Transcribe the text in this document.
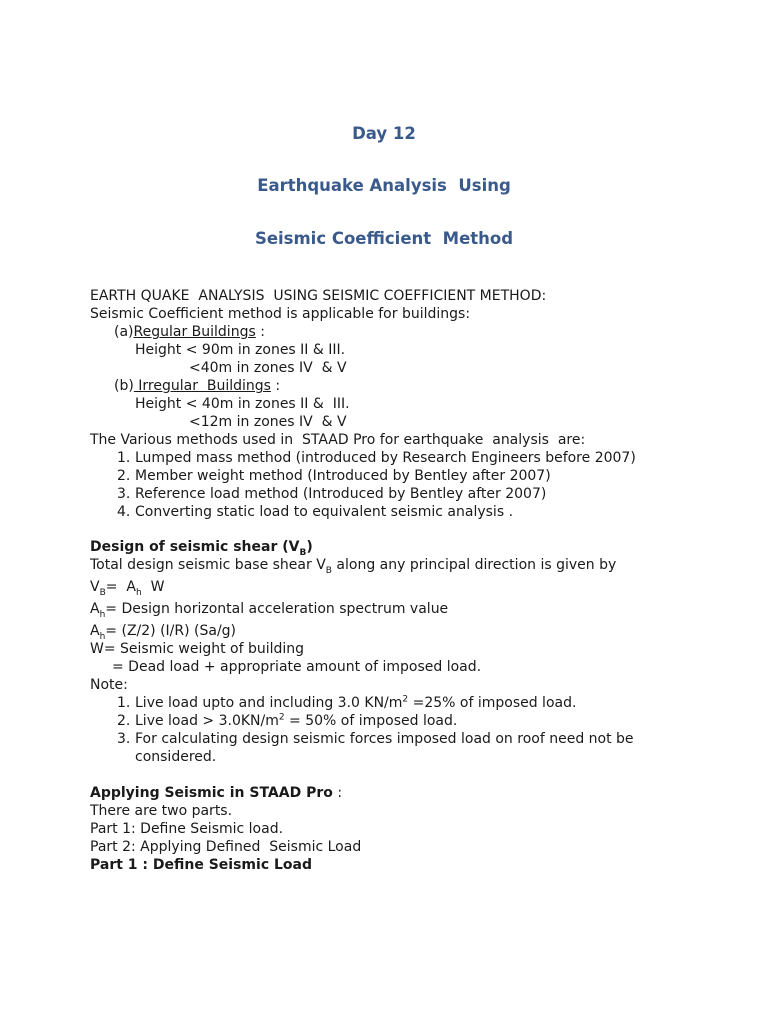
Day 12
Earthquake Analysis  Using
Seismic Coefficient  Method
EARTH QUAKE  ANALYSIS  USING SEISMIC COEFFICIENT METHOD:
Seismic Coefficient method is applicable for buildings:
(a)Regular Buildings :
Height < 90m in zones II & III.
<40m in zones IV  & V
(b) Irregular  Buildings :
Height < 40m in zones II &  III.
<12m in zones IV  & V
The Various methods used in  STAAD Pro for earthquake  analysis  are:
1. Lumped mass method (introduced by Research Engineers before 2007)
2. Member weight method (Introduced by Bentley after 2007)
3. Reference load method (Introduced by Bentley after 2007)
4. Converting static load to equivalent seismic analysis .
Design of seismic shear $(V_B)$
Total design seismic base shear $V_B$ along any principal direction is given by
$V_B= A_h$  W
$A_h=$ Design horizontal acceleration spectrum value
$A_h= (Z/2)$ (I/R) (Sa/g)
W= Seismic weight of building
= Dead load + appropriate amount of imposed load.
Note:
1. Live load upto and including 3.0 $KN/m^2 =25\%$ of imposed load.
2. Live load > $3.0KN/m^2 = 50\%$ of imposed load.
3. For calculating design seismic forces imposed load on roof need not be considered.
Applying Seismic in STAAD Pro :
There are two parts.
Part 1: Define Seismic load.
Part 2: Applying Defined  Seismic Load
Part 1 : Define Seismic Load
